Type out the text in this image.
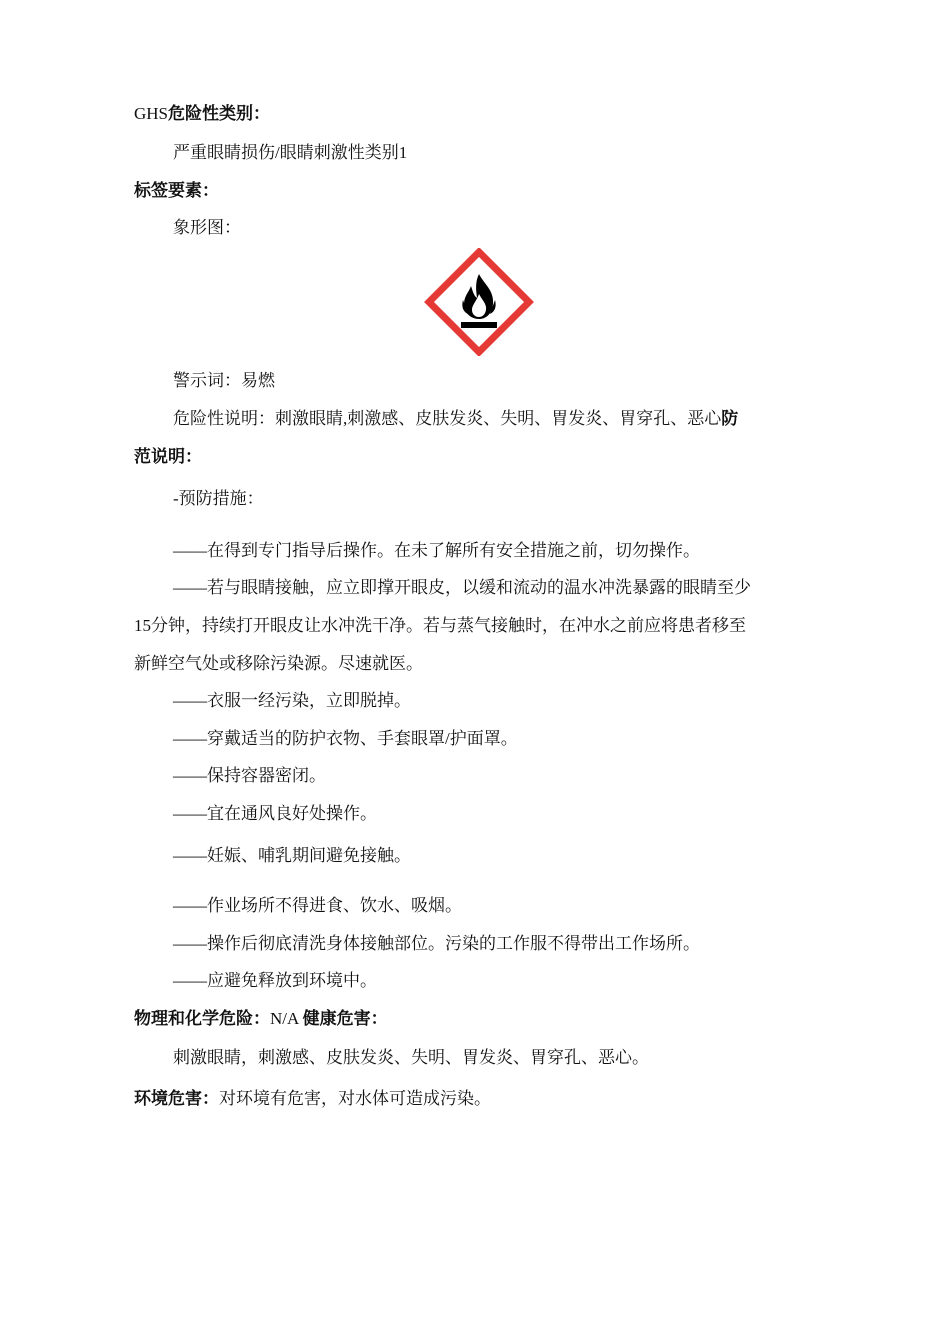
GHS危险性类别：
严重眼睛损伤/眼睛刺激性类别1
标签要素：
象形图：
警示词：易燃
危险性说明：刺激眼睛,刺激感、皮肤发炎、失明、胃发炎、胃穿孔、恶心防
范说明：
-预防措施：
——在得到专门指导后操作。在未了解所有安全措施之前，切勿操作。
——若与眼睛接触，应立即撑开眼皮，以缓和流动的温水冲洗暴露的眼睛至少
15分钟，持续打开眼皮让水冲洗干净。若与蒸气接触时，在冲水之前应将患者移至
新鲜空气处或移除污染源。尽速就医。
——衣服一经污染，立即脱掉。
——穿戴适当的防护衣物、手套眼罩/护面罩。
——保持容器密闭。
——宜在通风良好处操作。
——妊娠、哺乳期间避免接触。
——作业场所不得进食、饮水、吸烟。
——操作后彻底清洗身体接触部位。污染的工作服不得带出工作场所。
——应避免释放到环境中。
物理和化学危险：N/A 健康危害：
刺激眼睛，刺激感、皮肤发炎、失明、胃发炎、胃穿孔、恶心。
环境危害：对环境有危害，对水体可造成污染。
